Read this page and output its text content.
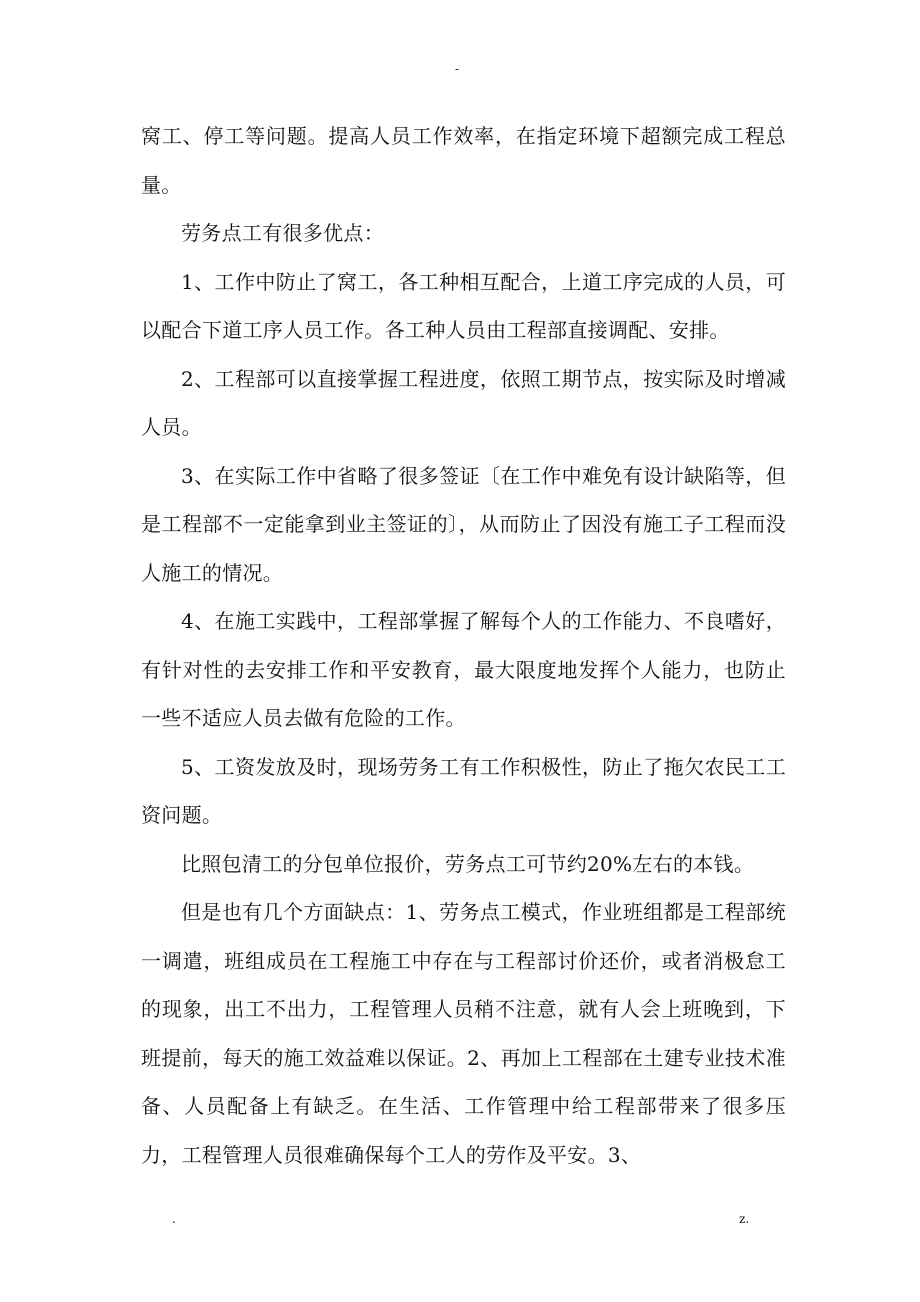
-

窝工、停工等问题。提高人员工作效率，在指定环境下超额完成工程总量。

劳务点工有很多优点：

1、工作中防止了窝工，各工种相互配合，上道工序完成的人员，可以配合下道工序人员工作。各工种人员由工程部直接调配、安排。

2、工程部可以直接掌握工程进度，依照工期节点，按实际及时增减人员。

3、在实际工作中省略了很多签证〔在工作中难免有设计缺陷等，但是工程部不一定能拿到业主签证的〕，从而防止了因没有施工子工程而没人施工的情况。

4、在施工实践中，工程部掌握了解每个人的工作能力、不良嗜好，有针对性的去安排工作和平安教育，最大限度地发挥个人能力，也防止一些不适应人员去做有危险的工作。

5、工资发放及时，现场劳务工有工作积极性，防止了拖欠农民工工资问题。

比照包清工的分包单位报价，劳务点工可节约20%左右的本钱。

但是也有几个方面缺点：1、劳务点工模式，作业班组都是工程部统一调遣，班组成员在工程施工中存在与工程部讨价还价，或者消极怠工的现象，出工不出力，工程管理人员稍不注意，就有人会上班晚到，下班提前，每天的施工效益难以保证。2、再加上工程部在土建专业技术准备、人员配备上有缺乏。在生活、工作管理中给工程部带来了很多压力，工程管理人员很难确保每个工人的劳作及平安。3、

.	z.
